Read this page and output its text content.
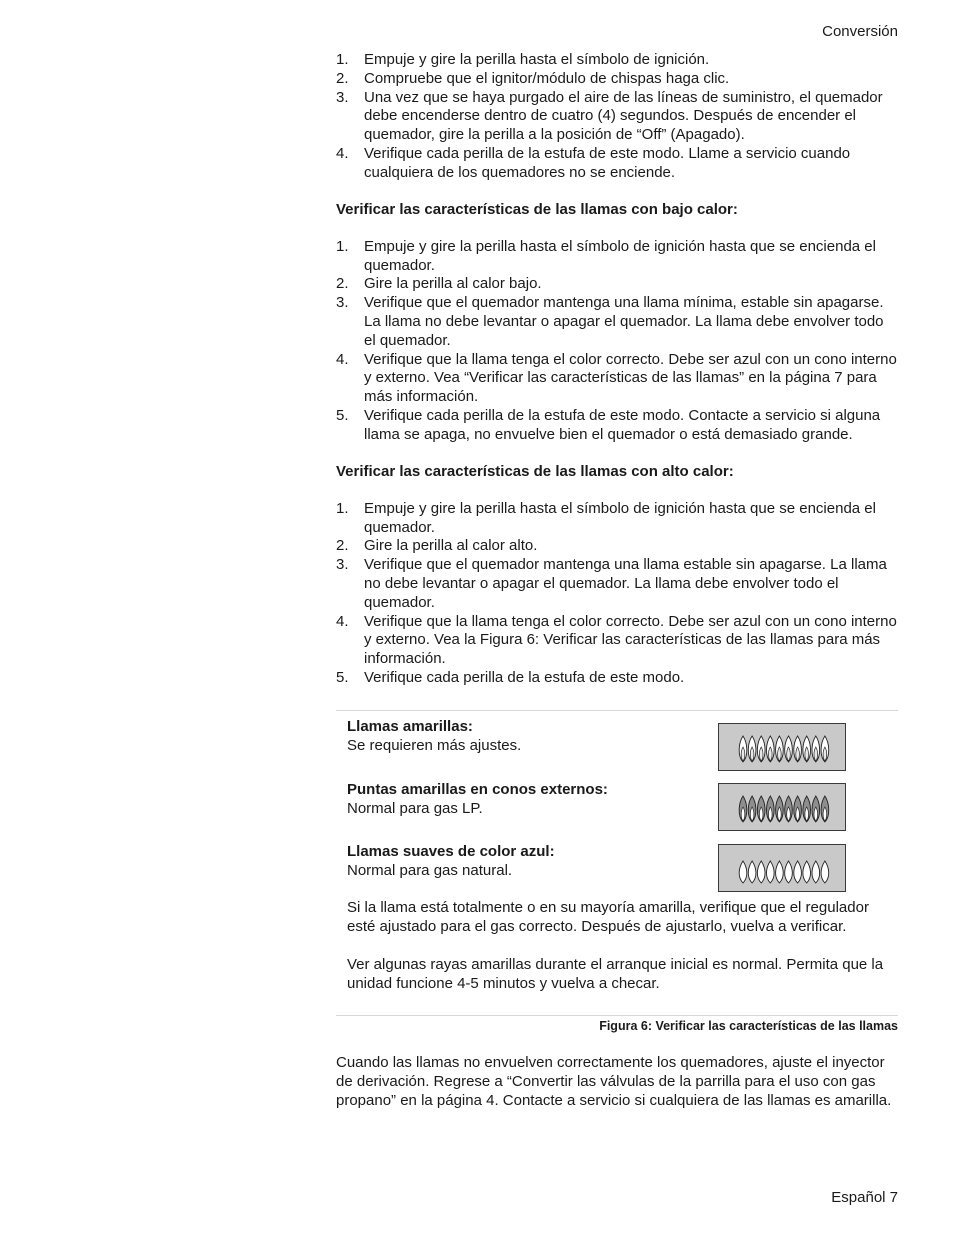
Conversión
1. Empuje y gire la perilla hasta el símbolo de ignición.
2. Compruebe que el ignitor/módulo de chispas haga clic.
3. Una vez que se haya purgado el aire de las líneas de suministro, el quemador debe encenderse dentro de cuatro (4) segundos. Después de encender el quemador, gire la perilla a la posición de “Off” (Apagado).
4. Verifique cada perilla de la estufa de este modo. Llame a servicio cuando cualquiera de los quemadores no se enciende.
Verificar las características de las llamas con bajo calor:
1. Empuje y gire la perilla hasta el símbolo de ignición hasta que se encienda el quemador.
2. Gire la perilla al calor bajo.
3. Verifique que el quemador mantenga una llama mínima, estable sin apagarse. La llama no debe levantar o apagar el quemador. La llama debe envolver todo el quemador.
4. Verifique que la llama tenga el color correcto. Debe ser azul con un cono interno y externo. Vea “Verificar las características de las llamas” en la página 7 para más información.
5. Verifique cada perilla de la estufa de este modo. Contacte a servicio si alguna llama se apaga, no envuelve bien el quemador o está demasiado grande.
Verificar las características de las llamas con alto calor:
1. Empuje y gire la perilla hasta el símbolo de ignición hasta que se encienda el quemador.
2. Gire la perilla al calor alto.
3. Verifique que el quemador mantenga una llama estable sin apagarse. La llama no debe levantar o apagar el quemador. La llama debe envolver todo el quemador.
4. Verifique que la llama tenga el color correcto. Debe ser azul con un cono interno y externo. Vea la Figura 6: Verificar las características de las llamas para más información.
5. Verifique cada perilla de la estufa de este modo.
Llamas amarillas:
Se requieren más ajustes.
Puntas amarillas en conos externos:
Normal para gas LP.
Llamas suaves de color azul:
Normal para gas natural.
Si la llama está totalmente o en su mayoría amarilla, verifique que el regulador esté ajustado para el gas correcto. Después de ajustarlo, vuelva a verificar.
Ver algunas rayas amarillas durante el arranque inicial es normal. Permita que la unidad funcione 4-5 minutos y vuelva a checar.
Figura 6: Verificar las características de las llamas
Cuando las llamas no envuelven correctamente los quemadores, ajuste el inyector de derivación. Regrese a “Convertir las válvulas de la parrilla para el uso con gas propano” en la página 4. Contacte a servicio si cualquiera de las llamas es amarilla.
Español 7
